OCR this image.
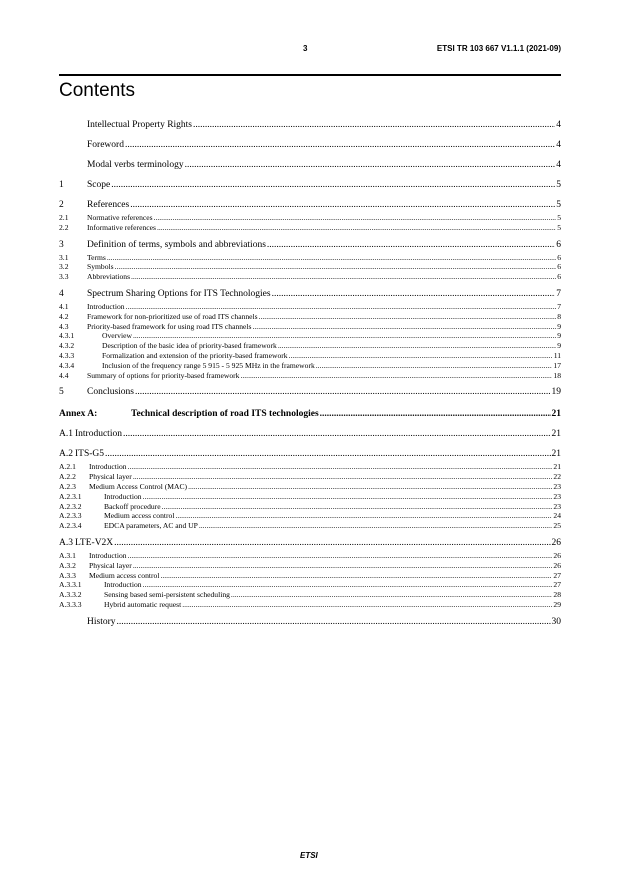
3	ETSI TR 103 667 V1.1.1 (2021-09)
Contents
Intellectual Property Rights .....	4
Foreword .....	4
Modal verbs terminology .....	4
1	Scope .....	5
2	References .....	5
2.1	Normative references .....	5
2.2	Informative references .....	5
3	Definition of terms, symbols and abbreviations .....	6
3.1	Terms .....	6
3.2	Symbols .....	6
3.3	Abbreviations .....	6
4	Spectrum Sharing Options for ITS Technologies .....	7
4.1	Introduction .....	7
4.2	Framework for non-prioritized use of road ITS channels .....	8
4.3	Priority-based framework for using road ITS channels .....	9
4.3.1	Overview .....	9
4.3.2	Description of the basic idea of priority-based framework .....	9
4.3.3	Formalization and extension of the priority-based framework .....	11
4.3.4	Inclusion of the frequency range 5 915 - 5 925 MHz in the framework .....	17
4.4	Summary of options for priority-based framework .....	18
5	Conclusions .....	19
Annex A:	Technical description of road ITS technologies .....	21
A.1 Introduction .....	21
A.2 ITS-G5 .....	21
A.2.1	Introduction .....	21
A.2.2	Physical layer .....	22
A.2.3	Medium Access Control (MAC) .....	23
A.2.3.1	Introduction .....	23
A.2.3.2	Backoff procedure .....	23
A.2.3.3	Medium access control .....	24
A.2.3.4	EDCA parameters, AC and UP .....	25
A.3 LTE-V2X .....	26
A.3.1	Introduction .....	26
A.3.2	Physical layer .....	26
A.3.3	Medium access control .....	27
A.3.3.1	Introduction .....	27
A.3.3.2	Sensing based semi-persistent scheduling .....	28
A.3.3.3	Hybrid automatic request .....	29
History .....	30
ETSI
